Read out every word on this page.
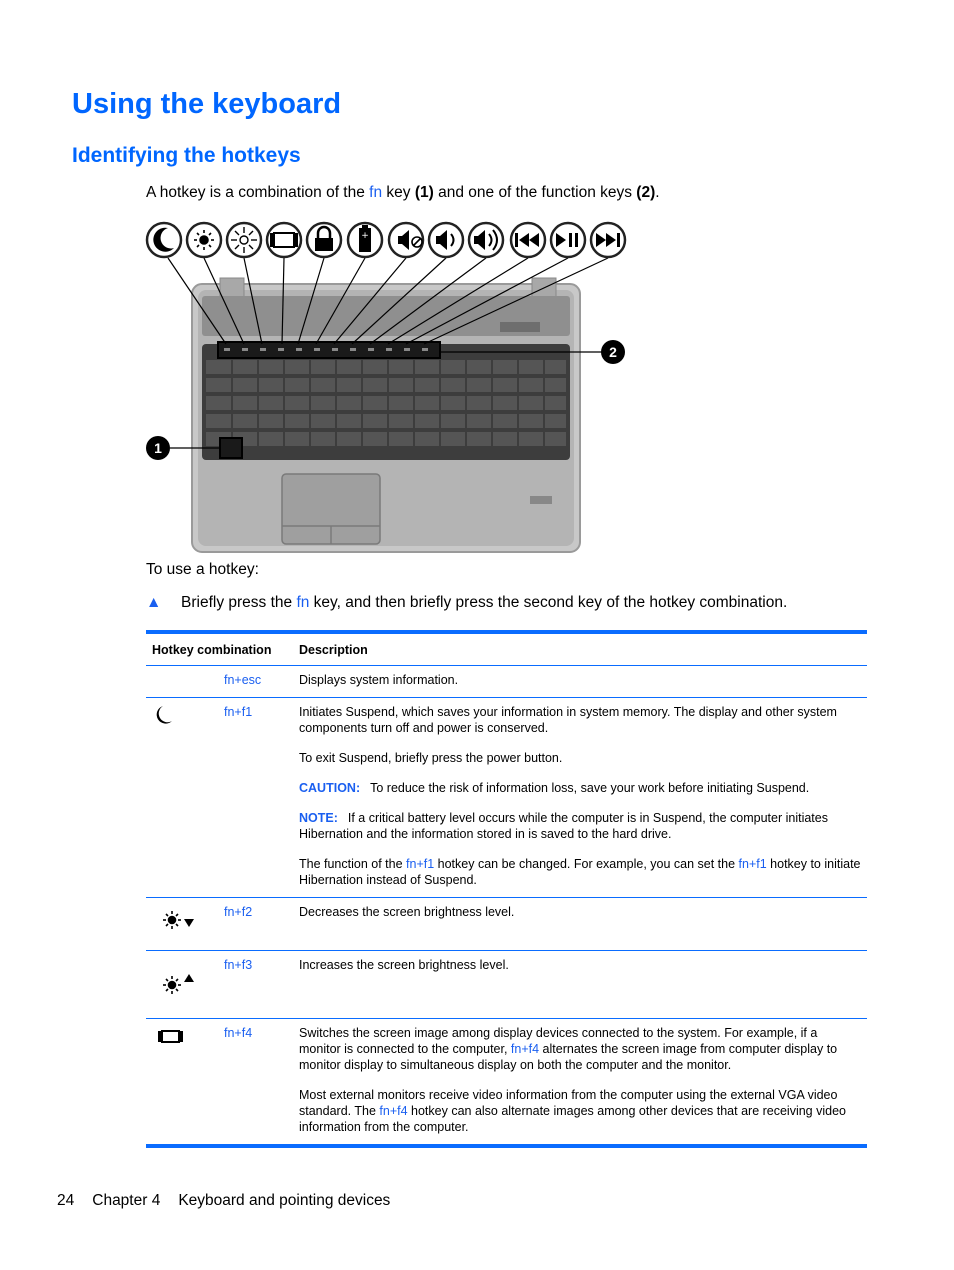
Using the keyboard
Identifying the hotkeys

A hotkey is a combination of the fn key (1) and one of the function keys (2).

+
2
1

To use a hotkey:

▲ Briefly press the fn key, and then briefly press the second key of the hotkey combination.
Hotkey combination		Description
	fn+esc	Displays system information.

	fn+f1	Initiates Suspend, which saves your information in system memory. The display and other system components turn off and power is conserved.

To exit Suspend, briefly press the power button.

CAUTION: To reduce the risk of information loss, save your work before initiating Suspend.

NOTE: If a critical battery level occurs while the computer is in Suspend, the computer initiates Hibernation and the information stored in is saved to the hard drive.

The function of the fn+f1 hotkey can be changed. For example, you can set the fn+f1 hotkey to initiate Hibernation instead of Suspend.

	fn+f2	Decreases the screen brightness level.

	fn+f3	Increases the screen brightness level.

	fn+f4	Switches the screen image among display devices connected to the system. For example, if a monitor is connected to the computer, fn+f4 alternates the screen image from computer display to monitor display to simultaneous display on both the computer and the monitor.

Most external monitors receive video information from the computer using the external VGA video standard. The fn+f4 hotkey can also alternate images among other devices that are receiving video information from the computer.

24 Chapter 4 Keyboard and pointing devices
